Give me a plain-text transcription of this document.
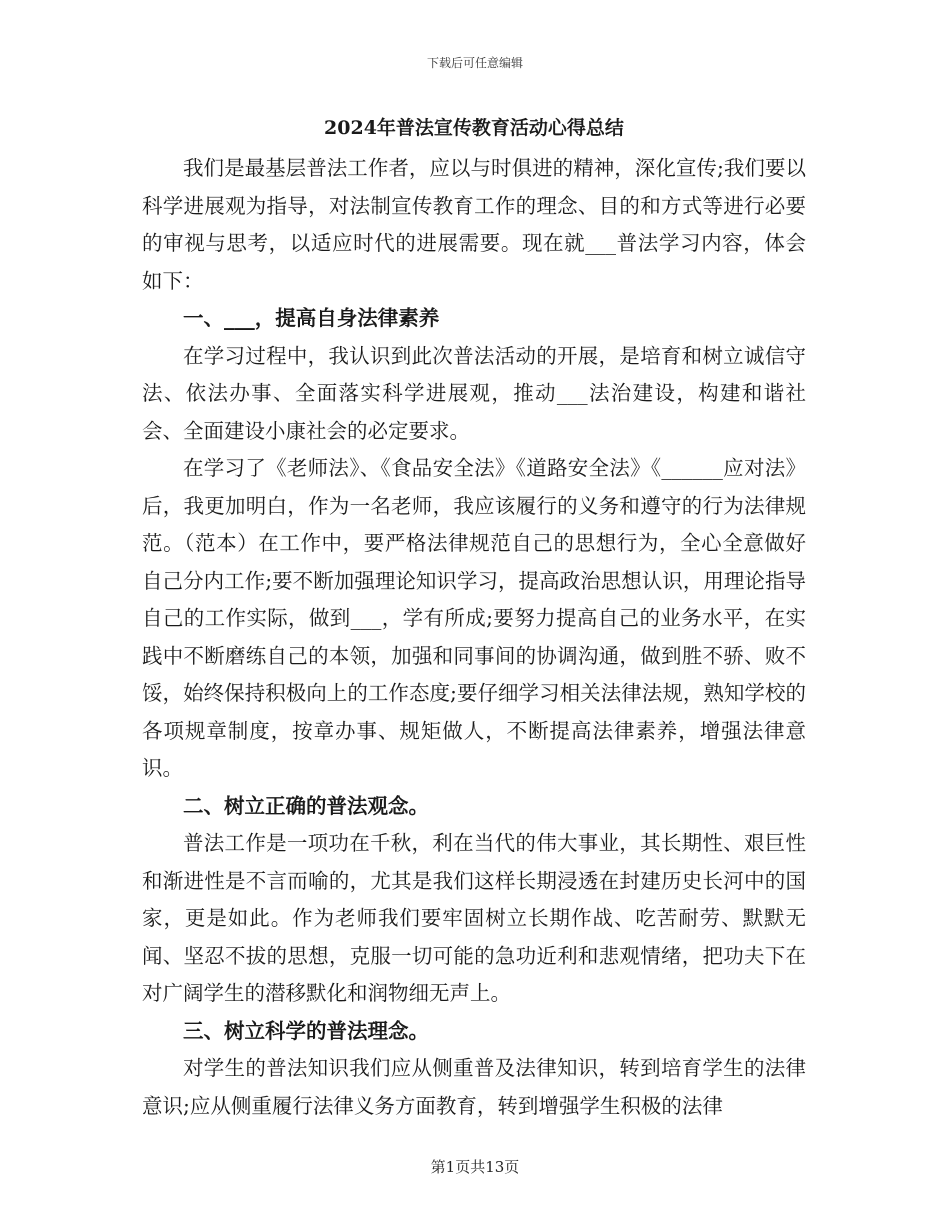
下载后可任意编辑
2024年普法宣传教育活动心得总结

我们是最基层普法工作者，应以与时俱进的精神，深化宣传;我们要以科学进展观为指导，对法制宣传教育工作的理念、目的和方式等进行必要的审视与思考，以适应时代的进展需要。现在就___普法学习内容，体会如下：

一、___，提高自身法律素养

在学习过程中，我认识到此次普法活动的开展，是培育和树立诚信守法、依法办事、全面落实科学进展观，推动___法治建设，构建和谐社会、全面建设小康社会的必定要求。

在学习了《老师法》、《食品安全法》《道路安全法》《______应对法》后，我更加明白，作为一名老师，我应该履行的义务和遵守的行为法律规范。（范本）在工作中，要严格法律规范自己的思想行为，全心全意做好自己分内工作;要不断加强理论知识学习，提高政治思想认识，用理论指导自己的工作实际，做到___，学有所成;要努力提高自己的业务水平，在实践中不断磨练自己的本领，加强和同事间的协调沟通，做到胜不骄、败不馁，始终保持积极向上的工作态度;要仔细学习相关法律法规，熟知学校的各项规章制度，按章办事、规矩做人，不断提高法律素养，增强法律意识。

二、树立正确的普法观念。

普法工作是一项功在千秋，利在当代的伟大事业，其长期性、艰巨性和渐进性是不言而喻的，尤其是我们这样长期浸透在封建历史长河中的国家，更是如此。作为老师我们要牢固树立长期作战、吃苦耐劳、默默无闻、坚忍不拔的思想，克服一切可能的急功近利和悲观情绪，把功夫下在对广阔学生的潜移默化和润物细无声上。

三、树立科学的普法理念。

对学生的普法知识我们应从侧重普及法律知识，转到培育学生的法律意识;应从侧重履行法律义务方面教育，转到增强学生积极的法律

第1页共13页
